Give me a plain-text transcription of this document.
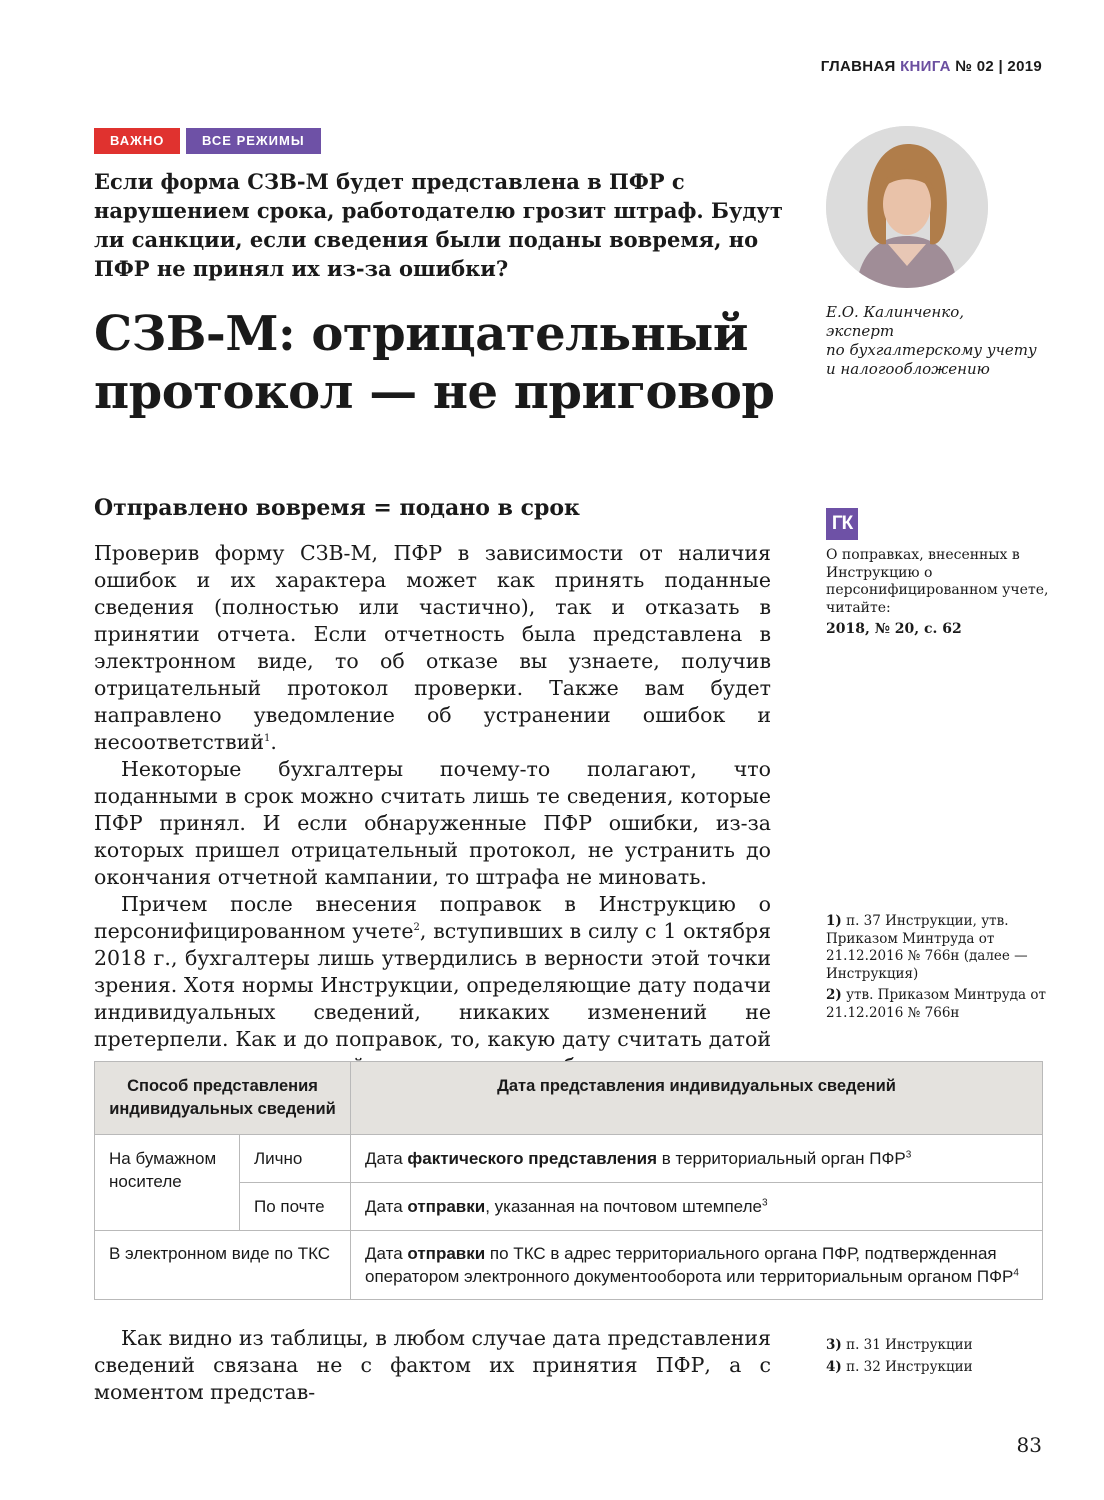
ГЛАВНАЯ КНИГА № 02 | 2019
ВАЖНО	ВСЕ РЕЖИМЫ
Если форма СЗВ-М будет представлена в ПФР с нарушением срока, работодателю грозит штраф. Будут ли санкции, если сведения были поданы вовремя, но ПФР не принял их из-за ошибки?
СЗВ-М: отрицательный
протокол — не приговор
Е.О. Калинченко,
эксперт
по бухгалтерскому учету
и налогообложению
Отправлено вовремя = подано в срок

Проверив форму СЗВ-М, ПФР в зависимости от наличия ошибок и их характера может как принять поданные сведения (полностью или частично), так и отказать в принятии отчета. Если отчетность была представлена в электронном виде, то об отказе вы узнаете, получив отрицательный протокол проверки. Также вам будет направлено уведомление об устранении ошибок и несоответствий$^1$.

Некоторые бухгалтеры почему-то полагают, что поданными в срок можно считать лишь те сведения, которые ПФР принял. И если обнаруженные ПФР ошибки, из-за которых пришел отрицательный протокол, не устранить до окончания отчетной кампании, то штрафа не миновать.

Причем после внесения поправок в Инструкцию о персонифицированном учете$^2$, вступивших в силу с 1 октября 2018 г., бухгалтеры лишь утвердились в верности этой точки зрения. Хотя нормы Инструкции, определяющие дату подачи индивидуальных сведений, никаких изменений не претерпели. Как и до поправок, то, какую дату считать датой

ГК
О поправках, внесенных в Инструкцию о персонифицированном учете, читайте:
2018, № 20, с. 62
1) п. 37 Инструкции, утв. Приказом Минтруда от 21.12.2016 № 766н (далее — Инструкция)
2) утв. Приказом Минтруда от 21.12.2016 № 766н
Способ представления индивидуальных сведений		Дата представления индивидуальных сведений
На бумажном носителе	Лично	Дата фактического представления в территориальный орган ПФР$^3$
	По почте	Дата отправки, указанная на почтовом штемпеле$^3$
В электронном виде по ТКС		Дата отправки по ТКС в адрес территориального органа ПФР, подтвержденная оператором электронного документооборота или территориальным органом ПФР$^4$

Как видно из таблицы, в любом случае дата представления сведений связана не с фактом их принятия ПФР, а с моментом представ-

3) п. 31 Инструкции
4) п. 32 Инструкции
83
